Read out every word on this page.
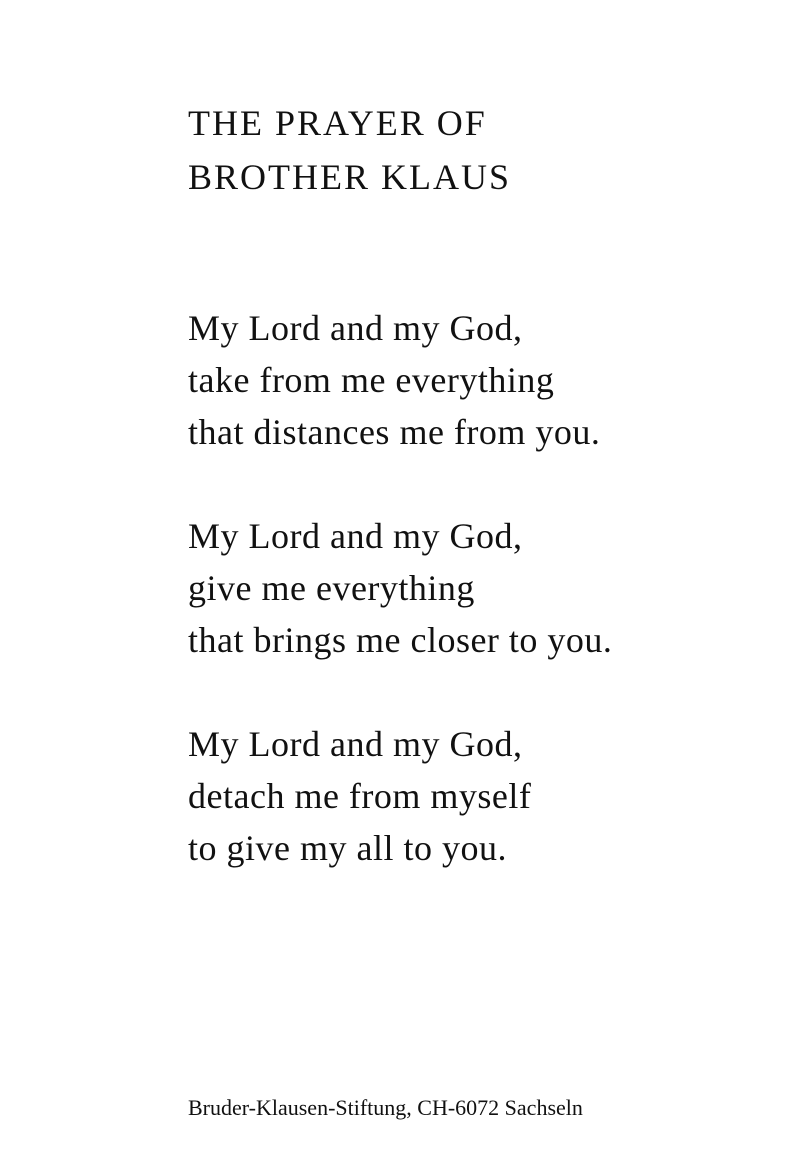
THE PRAYER OF
BROTHER KLAUS
My Lord and my God,
take from me everything
that distances me from you.
My Lord and my God,
give me everything
that brings me closer to you.
My Lord and my God,
detach me from myself
to give my all to you.
Bruder-Klausen-Stiftung, CH-6072 Sachseln
